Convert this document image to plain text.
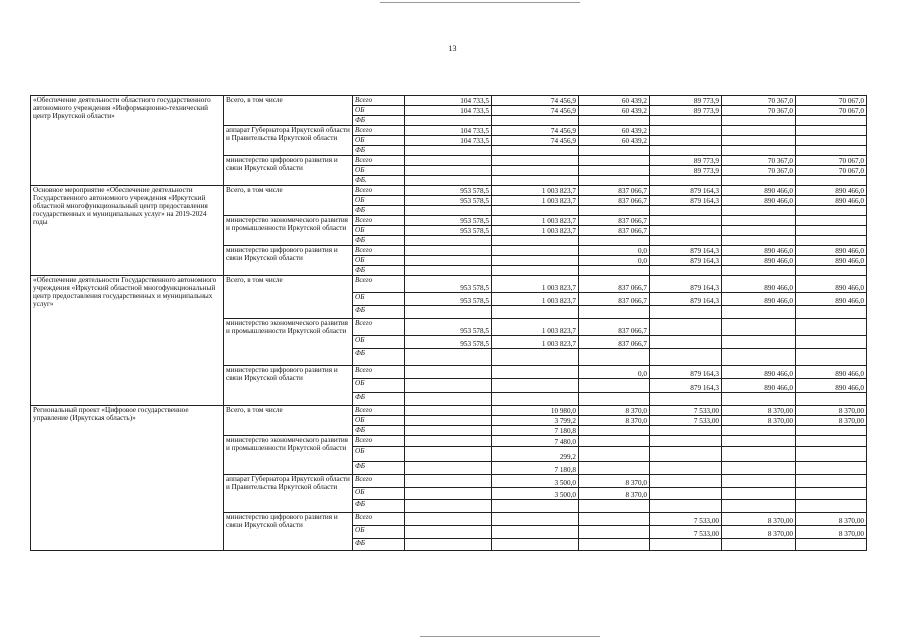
13
«Обеспечение деятельности областного государственного автономного учреждения «Информационно-технический центр Иркутской области»	Всего, в том числе	Всего	104 733,5	74 456,9	60 439,2	89 773,9	70 367,0	70 067,0
		ОБ	104 733,5	74 456,9	60 439,2	89 773,9	70 367,0	70 067,0
		ФБ						
	аппарат Губернатора Иркутской области и Правительства Иркутской области	Всего	104 733,5	74 456,9	60 439,2			
		ОБ	104 733,5	74 456,9	60 439,2			
		ФБ						
	министерство цифрового развития и связи Иркутской области	Всего				89 773,9	70 367,0	70 067,0
		ОБ				89 773,9	70 367,0	70 067,0
		ФБ.						
Основное мероприятие «Обеспечение деятельности Государственного автономного учреждения «Иркутский областной многофункциональный центр предоставления государственных и муниципальных услуг» на 2019-2024 годы	Всего, в том числе	Всего	953 578,5	1 003 823,7	837 066,7	879 164,3	890 466,0	890 466,0
		ОБ	953 578,5	1 003 823,7	837 066,7	879 164,3	890 466,0	890 466,0
		ФБ						
	министерство экономического развития и промышленности Иркутской области	Всего	953 578,5	1 003 823,7	837 066,7			
		ОБ	953 578,5	1 003 823,7	837 066,7			
		ФБ						
	министерство цифрового развития и связи Иркутской области	Всего			0,0	879 164,3	890 466,0	890 466,0
		ОБ			0,0	879 164,3	890 466,0	890 466,0
		ФБ						
«Обеспечение деятельности Государственного автономного учреждения «Иркутский областной многофункциональный центр предоставления государственных и муниципальных услуг»	Всего, в том числе	Всего	953 578,5	1 003 823,7	837 066,7	879 164,3	890 466,0	890 466,0
		ОБ	953 578,5	1 003 823,7	837 066,7	879 164,3	890 466,0	890 466,0
		ФБ						
	министерство экономического развития и промышленности Иркутской области	Всего	953 578,5	1 003 823,7	837 066,7			
		ОБ	953 578,5	1 003 823,7	837 066,7			
		ФБ						
	министерство цифрового развития и связи Иркутской области	Всего			0,0	879 164,3	890 466,0	890 466,0
		ОБ				879 164,3	890 466,0	890 466,0
		ФБ						
Региональный проект «Цифровое государственное управление (Иркутская область)»	Всего, в том числе	Всего		10 980,0	8 370,0	7 533,00	8 370,00	8 370,00
		ОБ		3 799,2	8 370,0	7 533,00	8 370,00	8 370,00
		ФБ		7 180,8				
	министерство экономического развития и промышленности Иркутской области	Всего		7 480,0				
		ОБ		299,2				
		ФБ		7 180,8				
	аппарат Губернатора Иркутской области и Правительства Иркутской области	Всего		3 500,0	8 370,0			
		ОБ		3 500,0	8 370,0			
		ФБ						
	министерство цифрового развития и связи Иркутской области	Всего				7 533,00	8 370,00	8 370,00
		ОБ				7 533,00	8 370,00	8 370,00
		ФБ						
